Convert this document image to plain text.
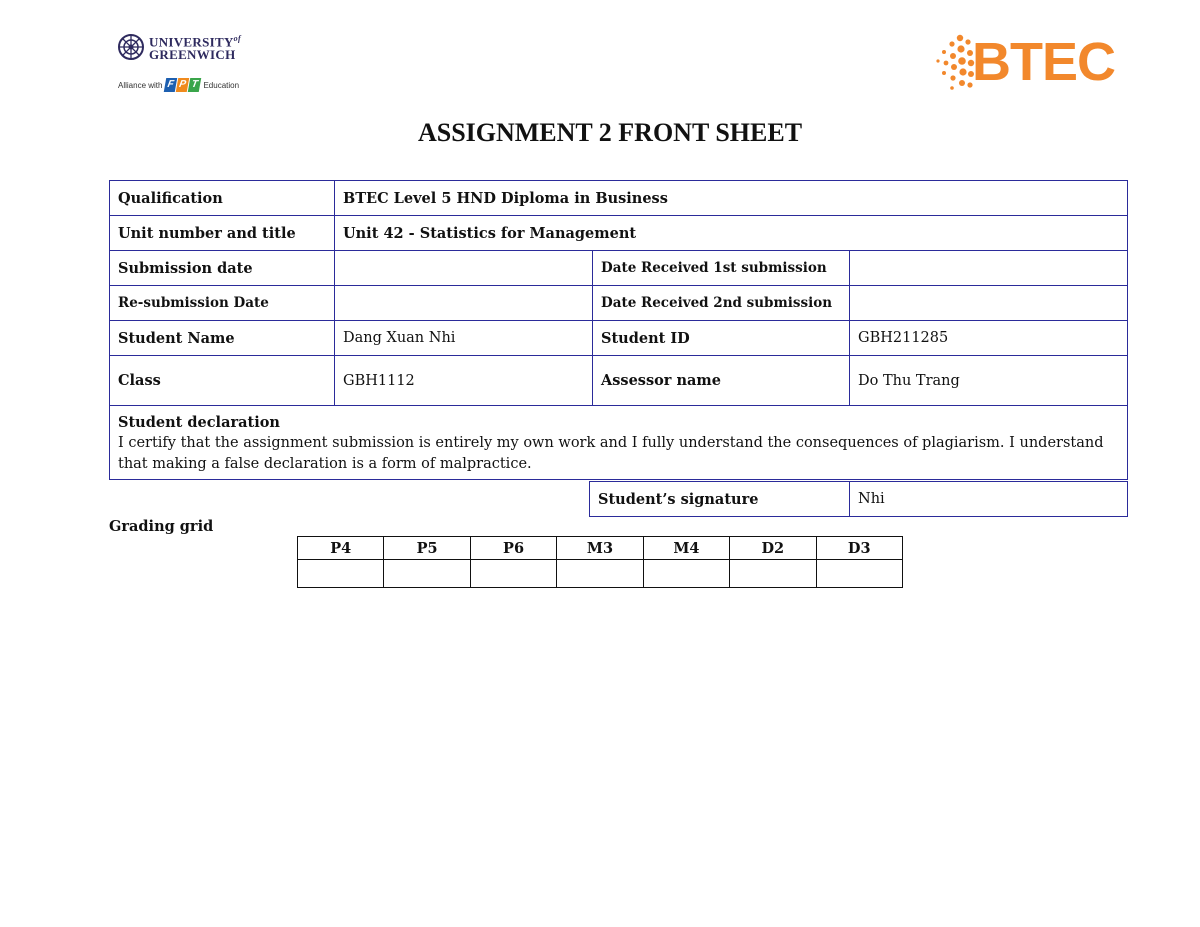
$UNIVERSITY^{of}$
GREENWICH
Alliance with F P T Education	BTEC
ASSIGNMENT 2 FRONT SHEET
Qualification	BTEC Level 5 HND Diploma in Business		
Unit number and title	Unit 42 - Statistics for Management		
Submission date		Date Received 1st submission	
Re-submission Date		Date Received 2nd submission	
Student Name	Dang Xuan Nhi	Student ID	GBH211285
Class	GBH1112	Assessor name	Do Thu Trang

Student declaration
I certify that the assignment submission is entirely my own work and I fully understand the consequences of plagiarism. I understand that making a false declaration is a form of malpractice.			
Student’s signature	Nhi
Grading grid
P4	P5	P6	M3	M4	D2	D3
